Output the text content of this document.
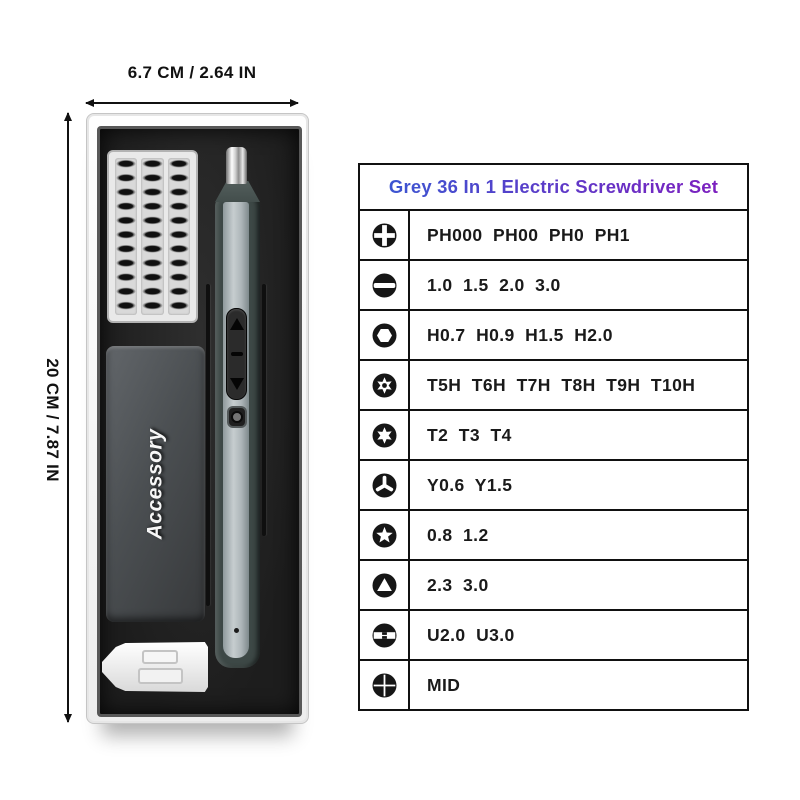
6.7 CM / 2.64 IN
20 CM / 7.87 IN
Accessory
Grey 36 In 1 Electric Screwdriver Set
PH000  PH00  PH0  PH1
1.0  1.5  2.0  3.0
H0.7  H0.9  H1.5  H2.0
T5H  T6H  T7H  T8H  T9H  T10H
T2  T3  T4
Y0.6  Y1.5
0.8  1.2
2.3  3.0
U2.0  U3.0
MID
